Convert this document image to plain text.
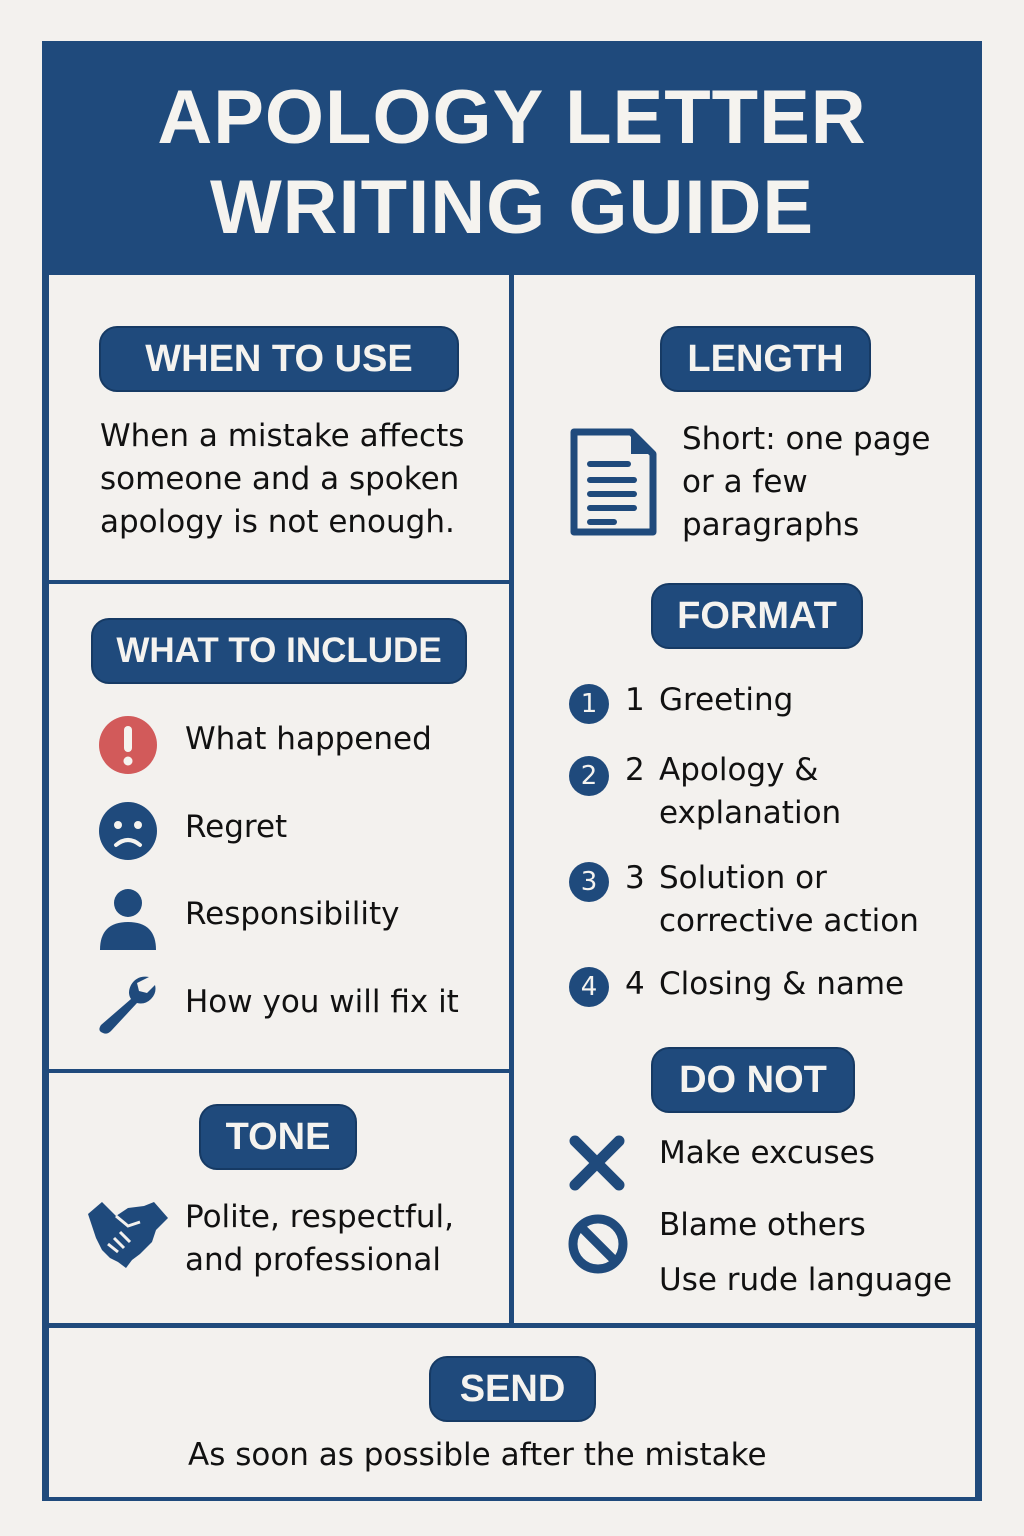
APOLOGY LETTER
WRITING GUIDE
WHEN TO USE
When a mistake affects
someone and a spoken
apology is not enough.
WHAT TO INCLUDE
What happened
Regret
Responsibility
How you will fix it
TONE
Polite, respectful,
and professional
LENGTH
Short: one page
or a few
paragraphs
FORMAT
1 1 Greeting
2 2 Apology &
explanation
3 3 Solution or
corrective action
4 4 Closing & name
DO NOT
Make excuses
Blame others
Use rude language
SEND
As soon as possible after the mistake
